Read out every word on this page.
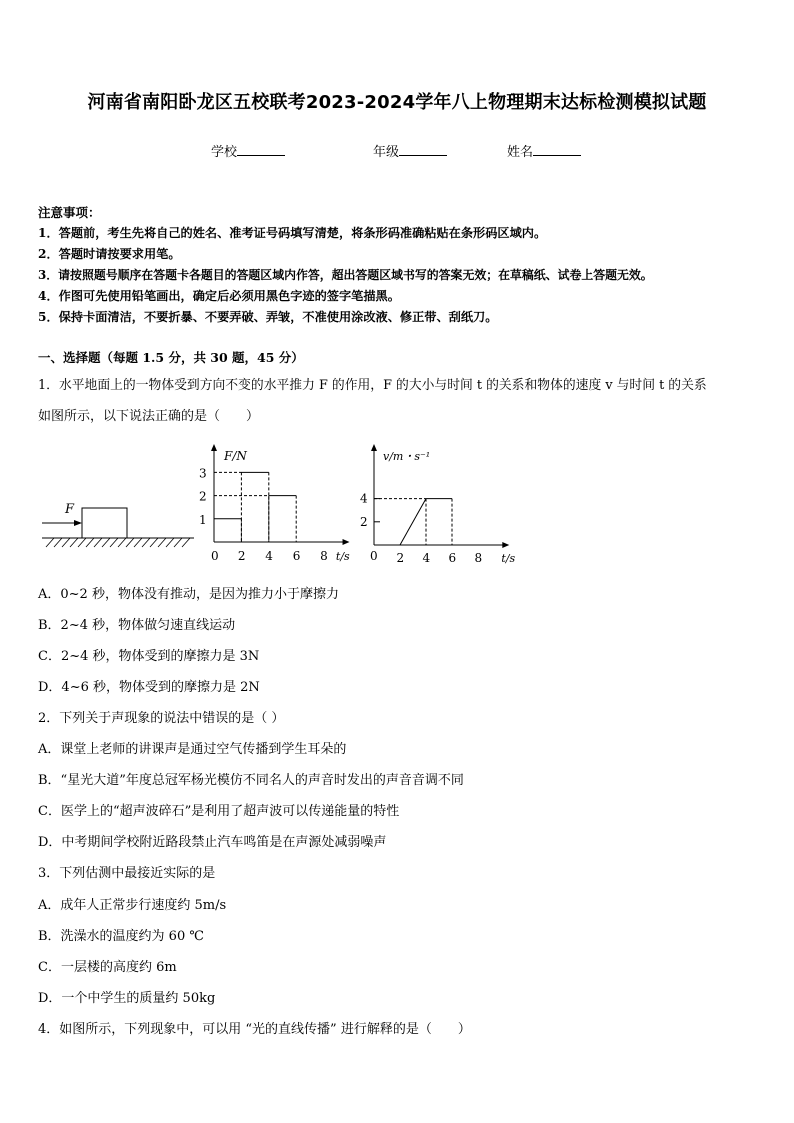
河南省南阳卧龙区五校联考2023-2024学年八上物理期末达标检测模拟试题
学校	年级	姓名
注意事项：
1．答题前，考生先将自己的姓名、准考证号码填写清楚，将条形码准确粘贴在条形码区域内。
2．答题时请按要求用笔。
3．请按照题号顺序在答题卡各题目的答题区域内作答，超出答题区域书写的答案无效；在草稿纸、试卷上答题无效。
4．作图可先使用铅笔画出，确定后必须用黑色字迹的签字笔描黑。
5．保持卡面清洁，不要折暴、不要弄破、弄皱，不准使用涂改液、修正带、刮纸刀。
一、选择题（每题 1.5 分，共 30 题，45 分）
1．水平地面上的一物体受到方向不变的水平推力 F 的作用，F 的大小与时间 t 的关系和物体的速度 v 与时间 t 的关系
如图所示，以下说法正确的是（　　）
F
F/N
t/s
0 2 4 6 8
1
2
3
v/m・s⁻¹
t/s
0 2 4 6 8
2
4
A．0~2 秒，物体没有推动，是因为推力小于摩擦力
B．2~4 秒，物体做匀速直线运动
C．2~4 秒，物体受到的摩擦力是 3N
D．4~6 秒，物体受到的摩擦力是 2N
2．下列关于声现象的说法中错误的是（ ）
A．课堂上老师的讲课声是通过空气传播到学生耳朵的
B．“星光大道”年度总冠军杨光模仿不同名人的声音时发出的声音音调不同
C．医学上的“超声波碎石”是利用了超声波可以传递能量的特性
D．中考期间学校附近路段禁止汽车鸣笛是在声源处减弱噪声
3．下列估测中最接近实际的是
A．成年人正常步行速度约 5m/s
B．洗澡水的温度约为 60 ℃
C．一层楼的高度约 6m
D．一个中学生的质量约 50kg
4．如图所示，下列现象中，可以用 “光的直线传播” 进行解释的是（　　）
